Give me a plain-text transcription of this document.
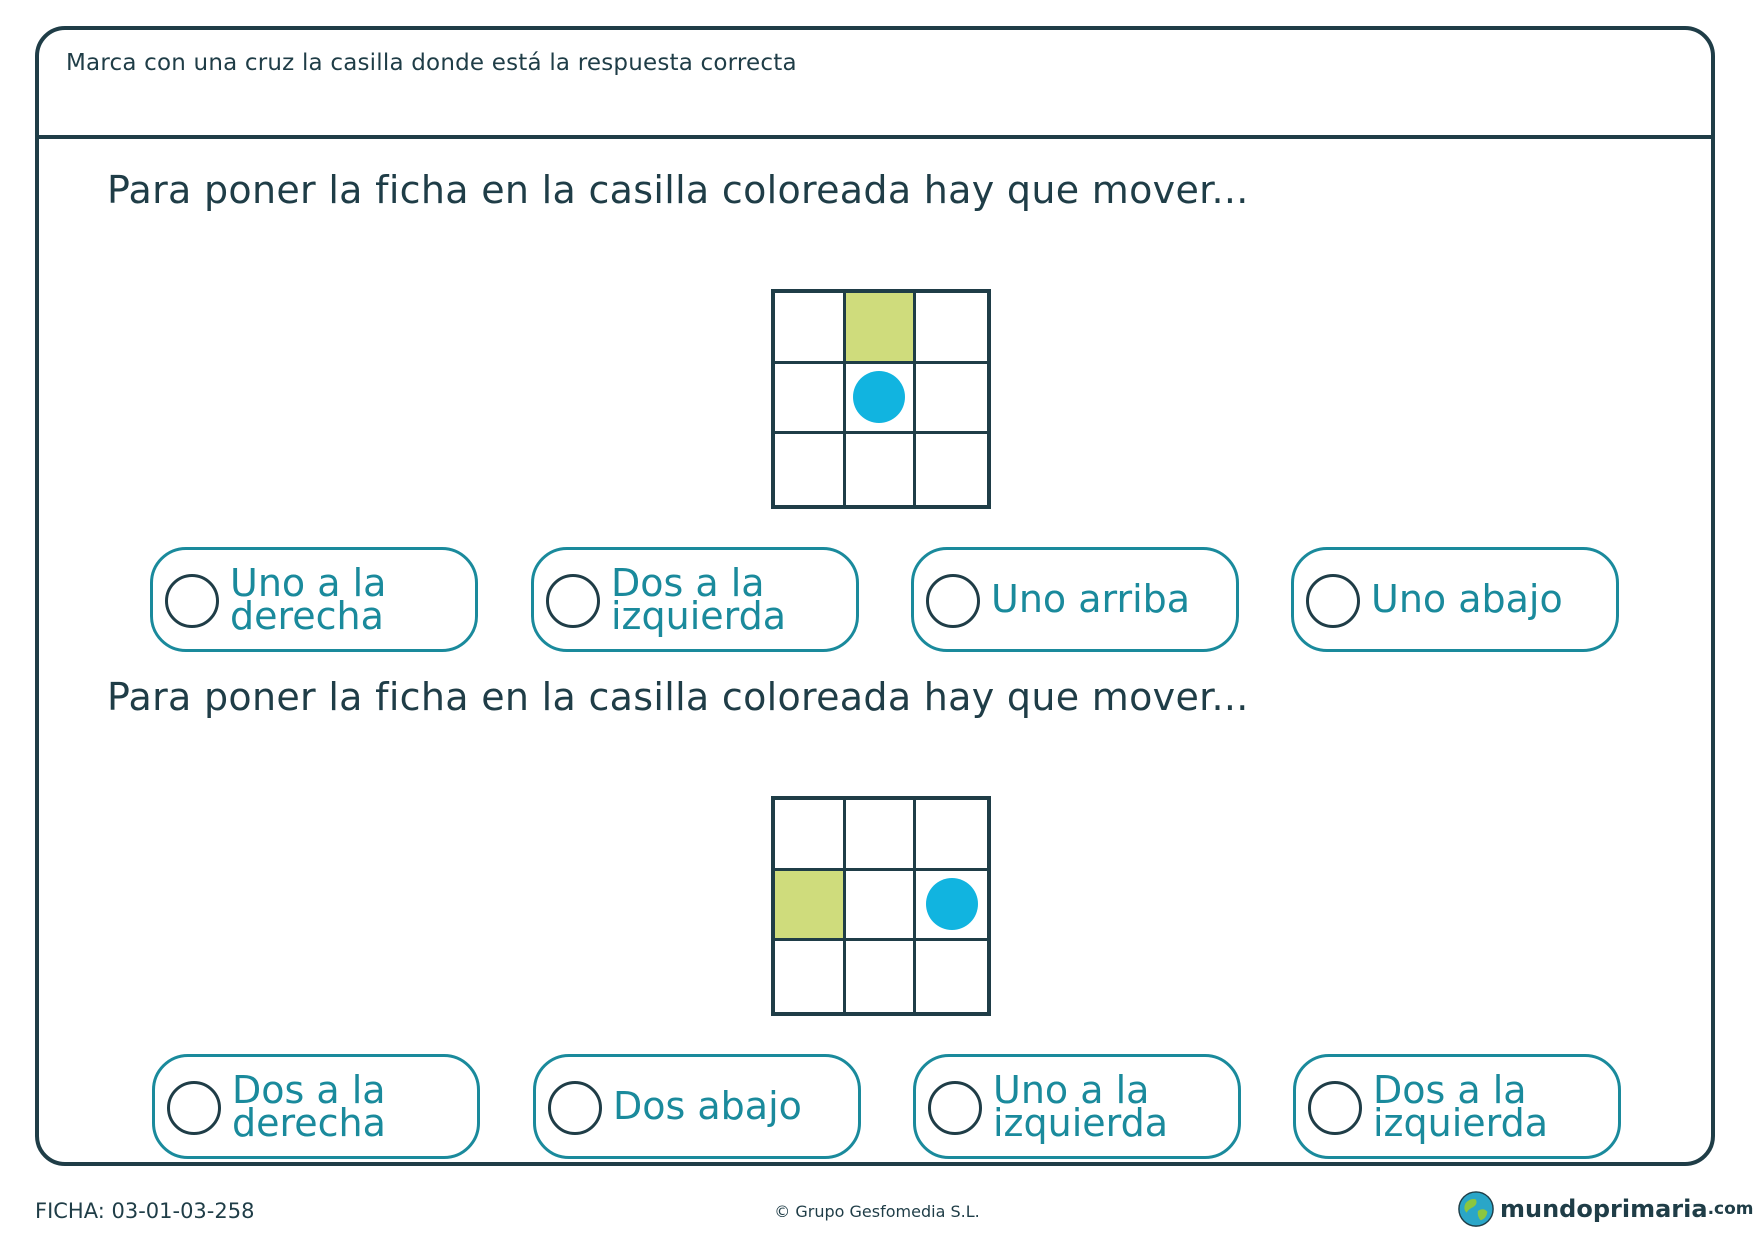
Marca con una cruz la casilla donde está la respuesta correcta
Para poner la ficha en la casilla coloreada hay que mover...
Uno a la derecha
Dos a la izquierda	Uno arriba	Uno abajo
Para poner la ficha en la casilla coloreada hay que mover...
Dos a la derecha	Dos abajo	Uno a la izquierda
Dos a la izquierda
FICHA: 03-01-03-258	© Grupo Gesfomedia S.L.	mundoprimaria .com
